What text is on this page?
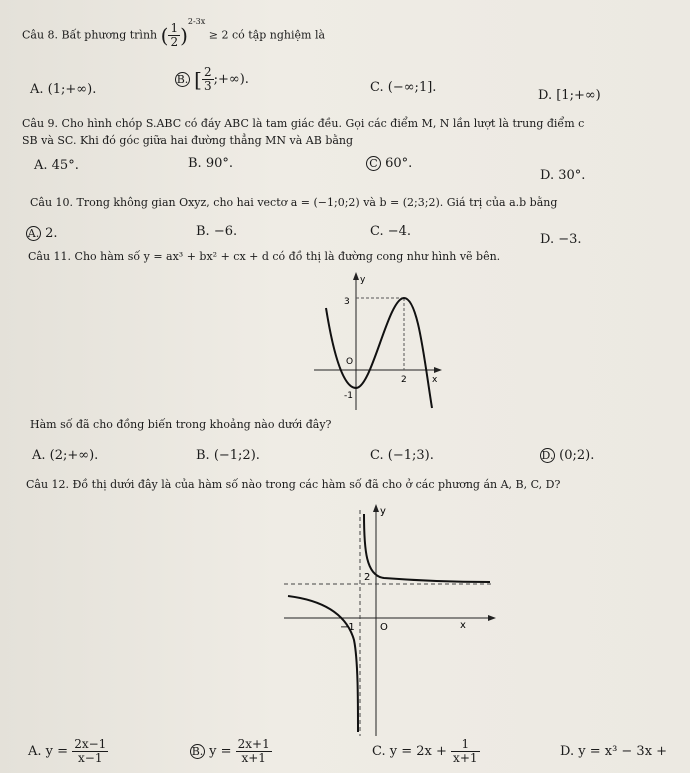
Câu 8. Bất phương trình ( $\frac{1}{2} )^{2-3x} \ge 2$ có tập nghiệm là
A. (1;+∞).
B. [ $\frac{2}{3}$ ;+∞).
C. (−∞;1].
D. [1;+∞)
Câu 9. Cho hình chóp S.ABC có đáy ABC là tam giác đều. Gọi các điểm M, N lần lượt là trung điểm c
SB và SC. Khi đó góc giữa hai đường thẳng MN và AB bằng
A. 45°.	B. 90°.	C 60°.
D. 30°.
Câu 10. Trong không gian Oxyz, cho hai vectơ a = (−1;0;2) và b = (2;3;2). Giá trị của a.b bằng
A. 2.	B. −6.	C. −4.
D. −3.
Câu 11. Cho hàm số y = ax³ + bx² + cx + d có đồ thị là đường cong như hình vẽ bên.
y
3
O
2	x
-1
Hàm số đã cho đồng biến trong khoảng nào dưới đây?
A. (2;+∞).	B. (−1;2).	C. (−1;3).	D. (0;2).
Câu 12. Đồ thị dưới đây là của hàm số nào trong các hàm số đã cho ở các phương án A, B, C, D?
y
2
O	x
−1
A. $y = \frac{2x-1}{x-1}$	B. $y = \frac{2x+1}{x+1}$	C. $y = 2x + \frac{1}{x+1}$	D. y = x³ − 3x +
